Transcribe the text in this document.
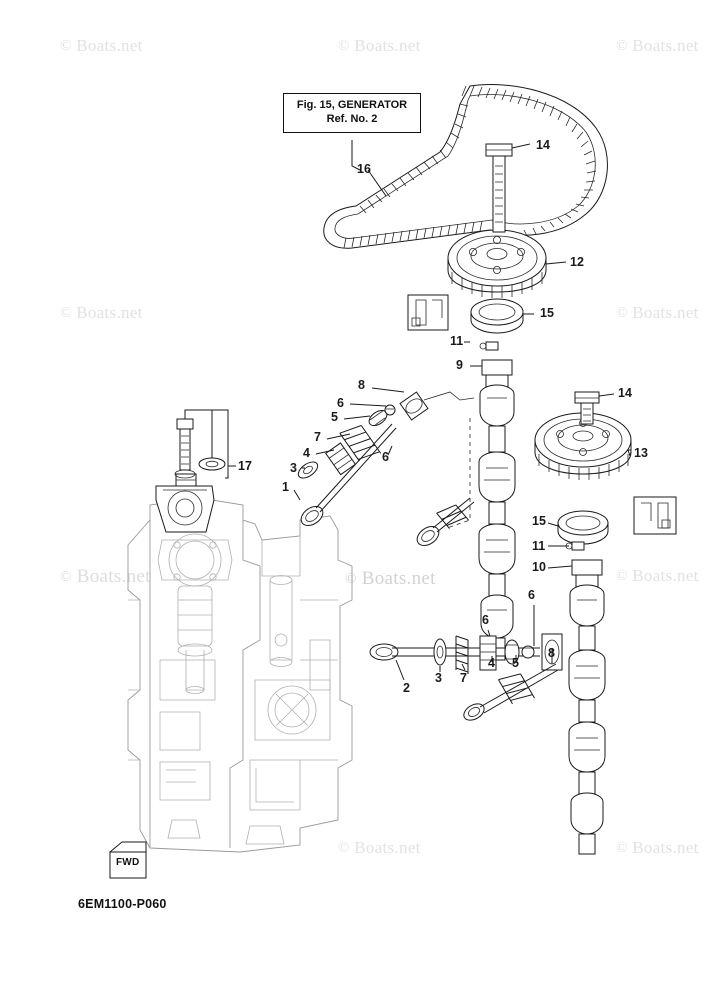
© Boats.net	© Boats.net	© Boats.net
© Boats.net	© Boats.net
© Boats.net	© Boats.net	© Boats.net
© Boats.net	© Boats.net
Fig. 15, GENERATOR
Ref. No. 2
16
14
12
15
11
9
8
14
6
5
13
7
6
4
17	3
1
15
11
10
6
6
8
5
4
7
3
2
FWD
6EM1100-P060
